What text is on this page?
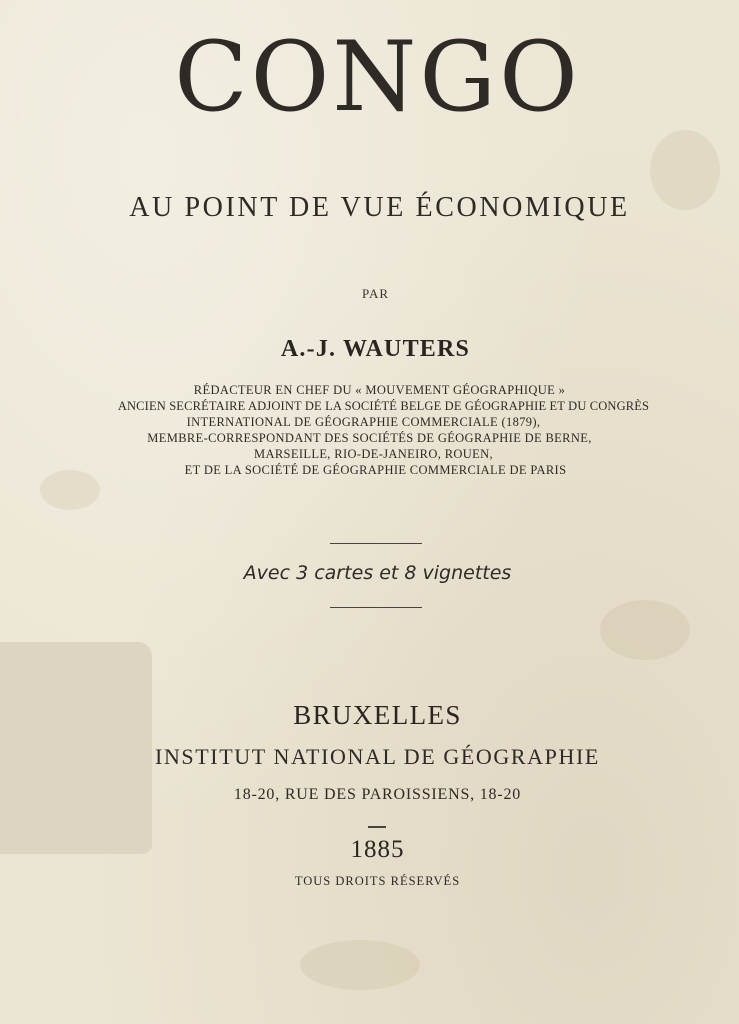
CONGO
AU POINT DE VUE ÉCONOMIQUE
PAR
A.-J. WAUTERS
RÉDACTEUR EN CHEF DU « MOUVEMENT GÉOGRAPHIQUE »
ANCIEN SECRÉTAIRE ADJOINT DE LA SOCIÉTÉ BELGE DE GÉOGRAPHIE ET DU CONGRÈS
INTERNATIONAL DE GÉOGRAPHIE COMMERCIALE (1879),
MEMBRE-CORRESPONDANT DES SOCIÉTÉS DE GÉOGRAPHIE DE BERNE,
MARSEILLE, RIO-DE-JANEIRO, ROUEN,
ET DE LA SOCIÉTÉ DE GÉOGRAPHIE COMMERCIALE DE PARIS
Avec 3 cartes et 8 vignettes
BRUXELLES
INSTITUT NATIONAL DE GÉOGRAPHIE
18-20, RUE DES PAROISSIENS, 18-20
1885
TOUS DROITS RÉSERVÉS
